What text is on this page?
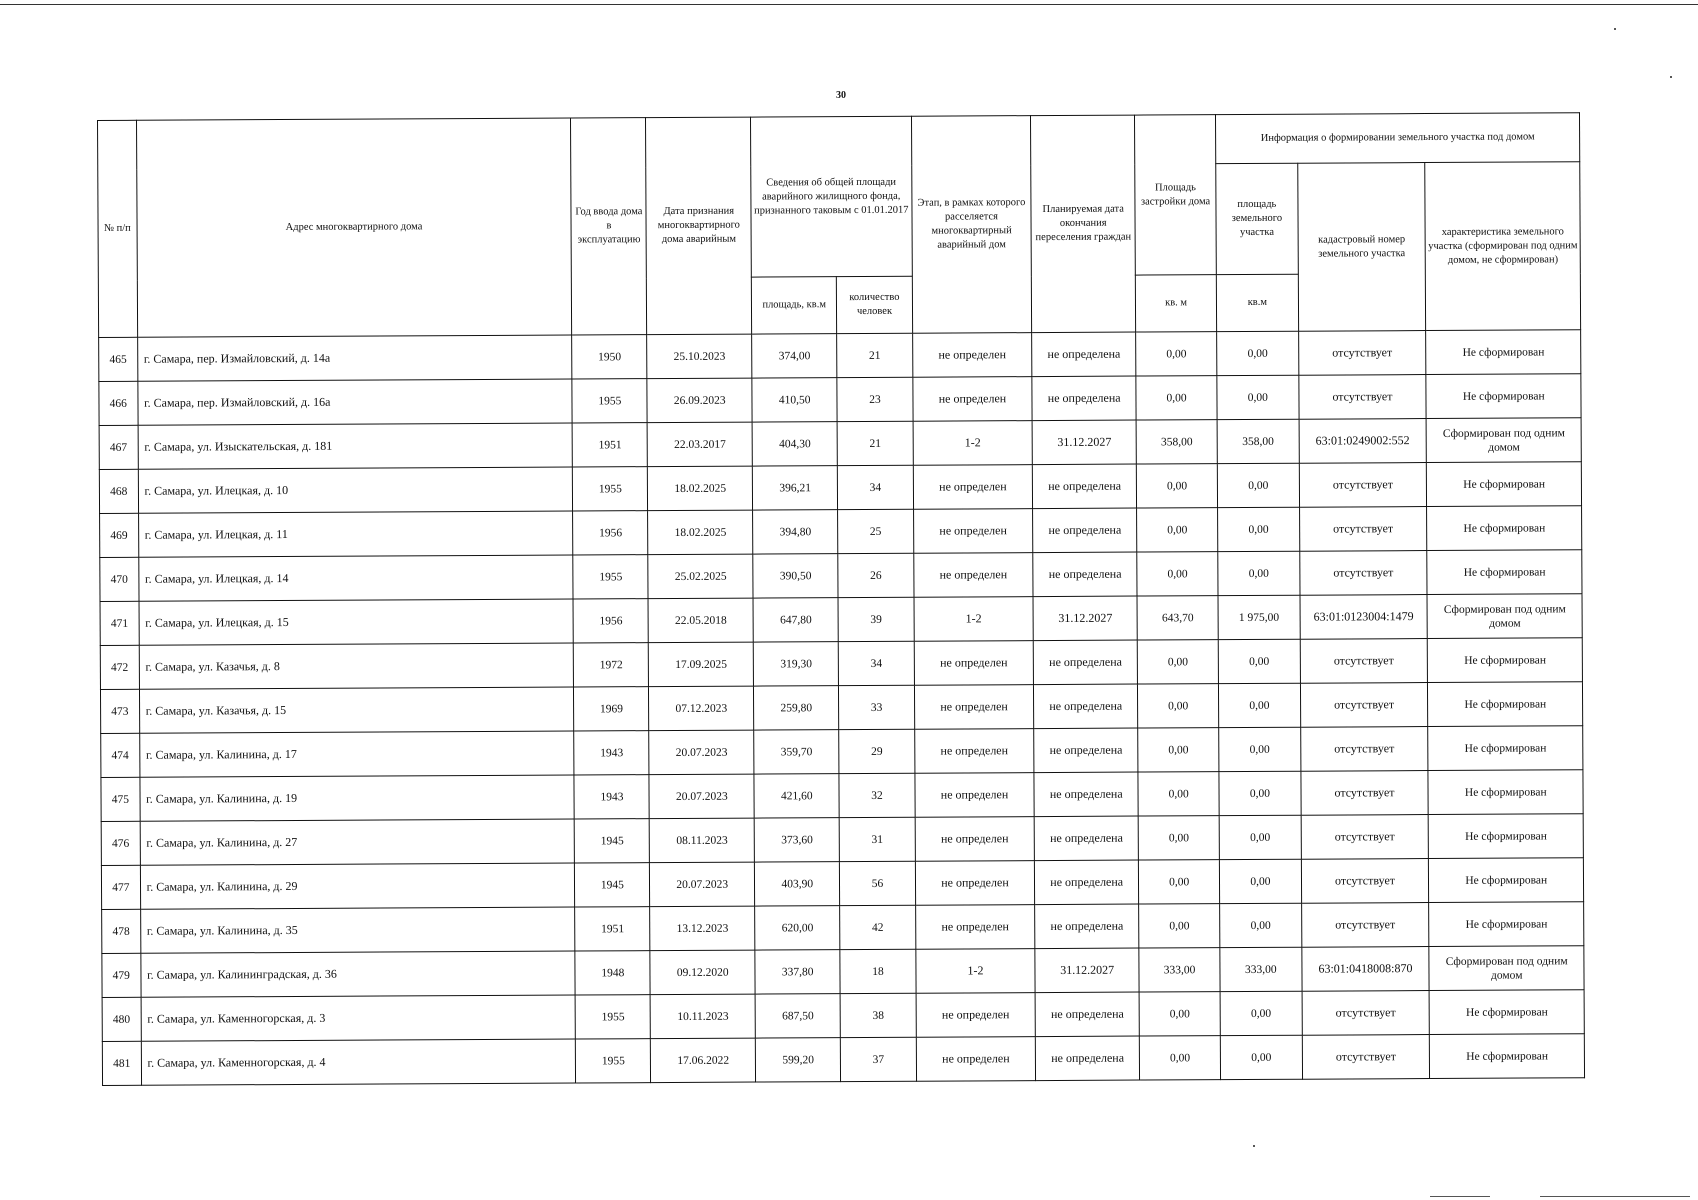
30
№ п/п	Адрес многоквартирного дома	Год ввода дома в эксплуатацию	Дата признания многоквартирного дома аварийным	Сведения об общей площади аварийного жилищного фонда, признанного таковым с 01.01.2017		Этап, в рамках которого расселяется многоквартирный аварийный дом	Планируемая дата окончания переселения граждан	Площадь застройки дома	Информация о формировании земельного участка под домом		
									площадь земельного участка	кадастровый номер земельного участка	характеристика земельного участка (сформирован под одним домом, не сформирован)
				площадь, кв.м	количество человек			кв. м	кв.м		
465	г. Самара, пер. Измайловский, д. 14а	1950	25.10.2023	374,00	21	не определен	не определена	0,00	0,00	отсутствует	Не сформирован
466	г. Самара, пер. Измайловский, д. 16а	1955	26.09.2023	410,50	23	не определен	не определена	0,00	0,00	отсутствует	Не сформирован
467	г. Самара, ул. Изыскательская, д. 181	1951	22.03.2017	404,30	21	1-2	31.12.2027	358,00	358,00	63:01:0249002:552	Сформирован под одним домом
468	г. Самара, ул. Илецкая, д. 10	1955	18.02.2025	396,21	34	не определен	не определена	0,00	0,00	отсутствует	Не сформирован
469	г. Самара, ул. Илецкая, д. 11	1956	18.02.2025	394,80	25	не определен	не определена	0,00	0,00	отсутствует	Не сформирован
470	г. Самара, ул. Илецкая, д. 14	1955	25.02.2025	390,50	26	не определен	не определена	0,00	0,00	отсутствует	Не сформирован
471	г. Самара, ул. Илецкая, д. 15	1956	22.05.2018	647,80	39	1-2	31.12.2027	643,70	1 975,00	63:01:0123004:1479	Сформирован под одним домом
472	г. Самара, ул. Казачья, д. 8	1972	17.09.2025	319,30	34	не определен	не определена	0,00	0,00	отсутствует	Не сформирован
473	г. Самара, ул. Казачья, д. 15	1969	07.12.2023	259,80	33	не определен	не определена	0,00	0,00	отсутствует	Не сформирован
474	г. Самара, ул. Калинина, д. 17	1943	20.07.2023	359,70	29	не определен	не определена	0,00	0,00	отсутствует	Не сформирован
475	г. Самара, ул. Калинина, д. 19	1943	20.07.2023	421,60	32	не определен	не определена	0,00	0,00	отсутствует	Не сформирован
476	г. Самара, ул. Калинина, д. 27	1945	08.11.2023	373,60	31	не определен	не определена	0,00	0,00	отсутствует	Не сформирован
477	г. Самара, ул. Калинина, д. 29	1945	20.07.2023	403,90	56	не определен	не определена	0,00	0,00	отсутствует	Не сформирован
478	г. Самара, ул. Калинина, д. 35	1951	13.12.2023	620,00	42	не определен	не определена	0,00	0,00	отсутствует	Не сформирован
479	г. Самара, ул. Калининградская, д. 36	1948	09.12.2020	337,80	18	1-2	31.12.2027	333,00	333,00	63:01:0418008:870	Сформирован под одним домом
480	г. Самара, ул. Каменногорская, д. 3	1955	10.11.2023	687,50	38	не определен	не определена	0,00	0,00	отсутствует	Не сформирован
481	г. Самара, ул. Каменногорская, д. 4	1955	17.06.2022	599,20	37	не определен	не определена	0,00	0,00	отсутствует	Не сформирован
